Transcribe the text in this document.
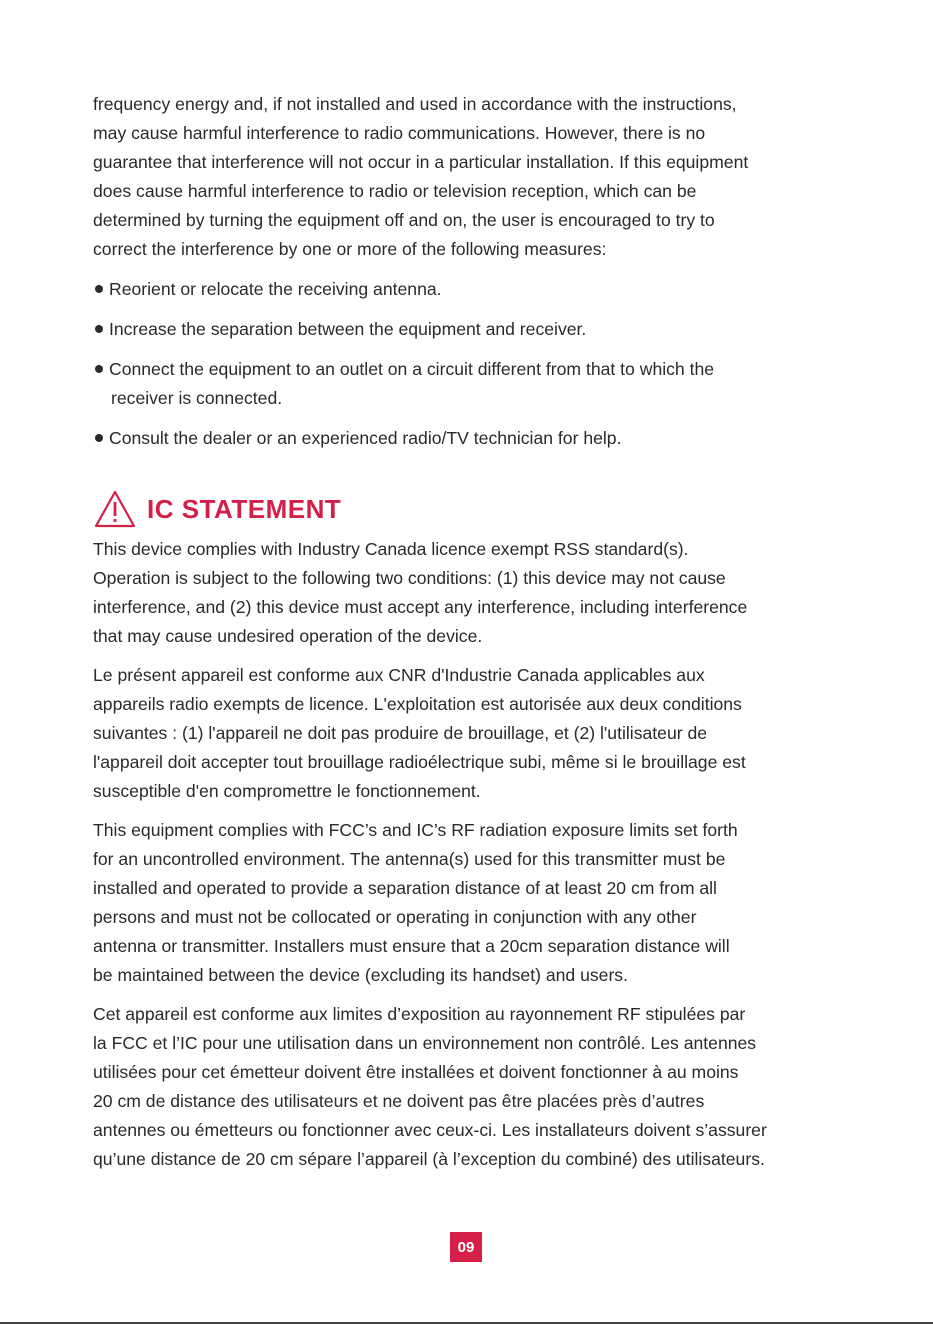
frequency energy and, if not installed and used in accordance with the instructions,
may cause harmful interference to radio communications. However, there is no
guarantee that interference will not occur in a particular installation. If this equipment
does cause harmful interference to radio or television reception, which can be
determined by turning the equipment off and on, the user is encouraged to try to
correct the interference by one or more of the following measures:

Reorient or relocate the receiving antenna.
Increase the separation between the equipment and receiver.
Connect the equipment to an outlet on a circuit different from that to which the
receiver is connected.
Consult the dealer or an experienced radio/TV technician for help.
IC STATEMENT

This device complies with Industry Canada licence exempt RSS standard(s).
Operation is subject to the following two conditions: (1) this device may not cause
interference, and (2) this device must accept any interference, including interference
that may cause undesired operation of the device.

Le présent appareil est conforme aux CNR d'Industrie Canada applicables aux
appareils radio exempts de licence. L'exploitation est autorisée aux deux conditions
suivantes : (1) l'appareil ne doit pas produire de brouillage, et (2) l'utilisateur de
l'appareil doit accepter tout brouillage radioélectrique subi, même si le brouillage est
susceptible d'en compromettre le fonctionnement.

This equipment complies with FCC’s and IC’s RF radiation exposure limits set forth
for an uncontrolled environment. The antenna(s) used for this transmitter must be
installed and operated to provide a separation distance of at least 20 cm from all
persons and must not be collocated or operating in conjunction with any other
antenna or transmitter. Installers must ensure that a 20cm separation distance will
be maintained between the device (excluding its handset) and users.

Cet appareil est conforme aux limites d’exposition au rayonnement RF stipulées par
la FCC et l’IC pour une utilisation dans un environnement non contrôlé. Les antennes
utilisées pour cet émetteur doivent être installées et doivent fonctionner à au moins
20 cm de distance des utilisateurs et ne doivent pas être placées près d’autres
antennes ou émetteurs ou fonctionner avec ceux-ci. Les installateurs doivent s’assurer
qu’une distance de 20 cm sépare l’appareil (à l’exception du combiné) des utilisateurs.

09
